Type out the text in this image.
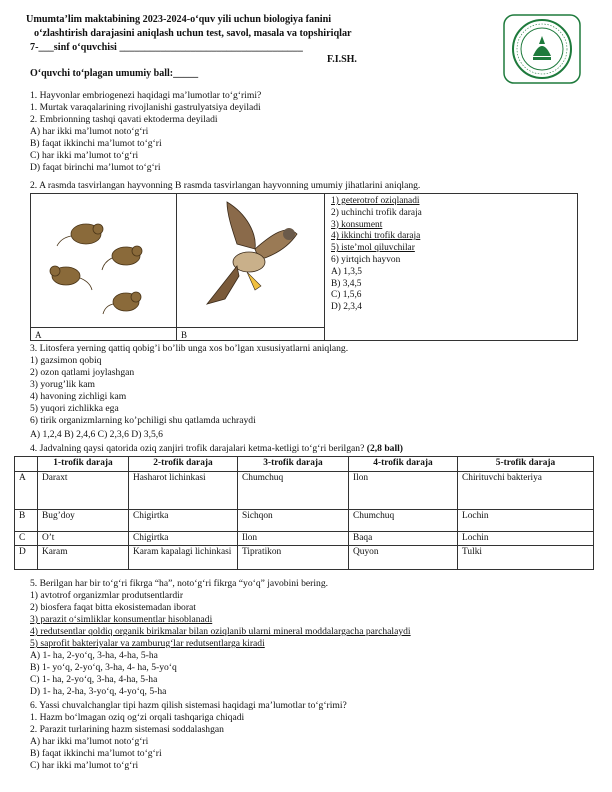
Umumta’lim maktabining 2023-2024-o‘quv yili uchun biologiya fanini
o‘zlashtirish darajasini aniqlash uchun test, savol, masala va topshiriqlar
7-___sinf o‘quvchisi ____________________________________
F.I.SH.
O‘quvchi to‘plagan umumiy ball:_____
1. Hayvonlar embriogenezi haqidagi ma’lumotlar to‘g‘rimi?
1. Murtak varaqalarining rivojlanishi gastrulyatsiya deyiladi
2. Embrionning tashqi qavati ektoderma deyiladi
A) har ikki ma’lumot noto‘g‘ri
B) faqat ikkinchi ma’lumot to‘g‘ri
C) har ikki ma’lumot to‘g‘ri
D) faqat birinchi ma’lumot to‘g‘ri
2. A rasmda tasvirlangan hayvonning B rasmda tasvirlangan hayvonning umumiy jihatlarini aniqlang.
A	B
1) geterotrof oziqlanadi
2) uchinchi trofik daraja
3) konsument
4) ikkinchi trofik daraja
5) iste’mol qiluvchilar
6) yirtqich hayvon
A) 1,3,5
B) 3,4,5
C) 1,5,6
D) 2,3,4
3. Litosfera yerning qattiq qobig’i bo’lib unga xos bo’lgan xususiyatlarni aniqlang.
1) gazsimon qobiq
2) ozon qatlami joylashgan
3) yorug’lik kam
4) havoning zichligi kam
5) yuqori zichlikka ega
6) tirik organizmlarning ko’pchiligi shu qatlamda uchraydi
A) 1,2,4 B) 2,4,6 C) 2,3,6 D) 3,5,6
4. Jadvalning qaysi qatorida oziq zanjiri trofik darajalari ketma-ketligi to‘g‘ri berilgan? (2,8 ball)
	1-trofik daraja	2-trofik daraja	3-trofik daraja	4-trofik daraja	5-trofik daraja
A	Daraxt	Hasharot lichinkasi	Chumchuq	Ilon	Chirituvchi bakteriya
B	Bug’doy	Chigirtka	Sichqon	Chumchuq	Lochin
C	O’t	Chigirtka	Ilon	Baqa	Lochin
D	Karam	Karam kapalagi lichinkasi	Tipratikon	Quyon	Tulki
5. Berilgan har bir to‘g‘ri fikrga “ha”, noto‘g‘ri fikrga “yo‘q” javobini bering.
1) avtotrof organizmlar produtsentlardir
2) biosfera faqat bitta ekosistemadan iborat
3) parazit o‘simliklar konsumentlar hisoblanadi
4) redutsentlar qoldiq organik birikmalar bilan oziqlanib ularni mineral moddalargacha parchalaydi
5) saprofit bakteriyalar va zamburug‘lar redutsentlarga kiradi
A) 1- ha, 2-yo‘q, 3-ha, 4-ha, 5-ha
B) 1- yo‘q, 2-yo‘q, 3-ha, 4- ha, 5-yo‘q
C) 1- ha, 2-yo‘q, 3-ha, 4-ha, 5-ha
D) 1- ha, 2-ha, 3-yo‘q, 4-yo‘q, 5-ha
6. Yassi chuvalchanglar tipi hazm qilish sistemasi haqidagi ma’lumotlar to‘g‘rimi?
1. Hazm bo‘lmagan oziq og‘zi orqali tashqariga chiqadi
2. Parazit turlarining hazm sistemasi soddalashgan
A) har ikki ma’lumot noto‘g‘ri
B) faqat ikkinchi ma’lumot to‘g‘ri
C) har ikki ma’lumot to‘g‘ri
